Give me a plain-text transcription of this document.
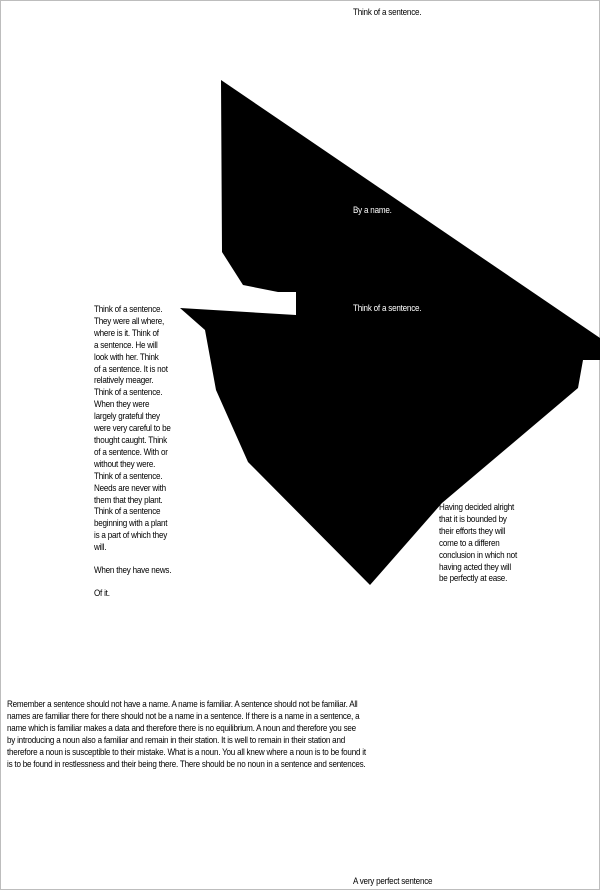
Think of a sentence.
She will call her.
By a name.
Think of a sentence.
Think of a sentence.
They were all where,
where is it. Think of
a sentence. He will
look with her. Think
of a sentence. It is not
relatively meager.
Think of a sentence.
When they were
largely grateful they
were very careful to be
thought caught. Think
of a sentence. With or
without they were.
Think of a sentence.
Needs are never with
them that they plant.
Think of a sentence
beginning with a plant
is a part of which they
will.
When they have news.
Of it.
Having decided alright
that it is bounded by
their efforts they will
come to a differen
conclusion in which not
having acted they will
be perfectly at ease.
Remember a sentence should not have a name. A name is familiar. A sentence should not be familiar. All
names are familiar there for there should not be a name in a sentence. If there is a name in a sentence, a
name which is familiar makes a data and therefore there is no equilibrium. A noun and therefore you see
by introducing a noun also a familiar and remain in their station. It is well to remain in their station and
therefore a noun is susceptible to their mistake. What is a noun. You all knew where a noun is to be found it
is to be found in restlessness and their being there. There should be no noun in a sentence and sentences.
A very perfect sentence
